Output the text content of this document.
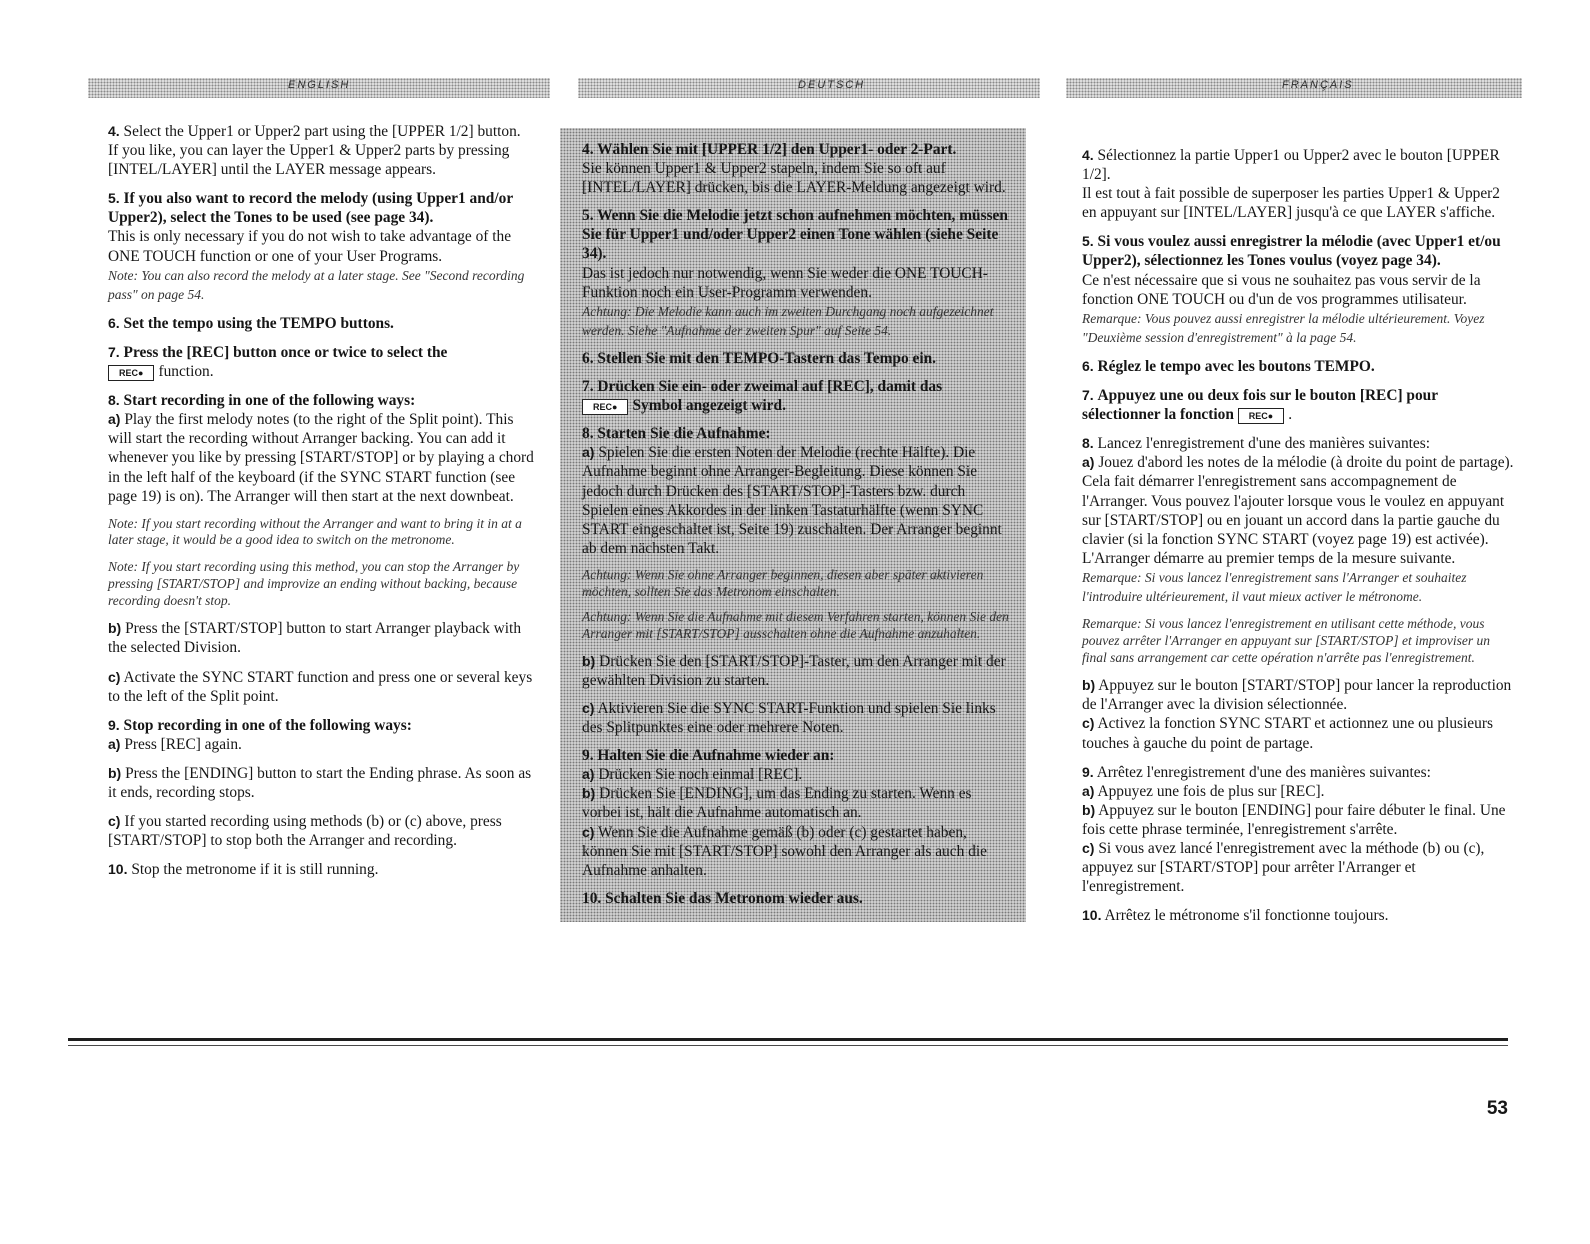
ENGLISH	DEUTSCH	FRANÇAIS

4. Select the Upper1 or Upper2 part using the [UPPER 1/2] button.
If you like, you can layer the Upper1 & Upper2 parts by pressing [INTEL/LAYER] until the LAYER message appears.

5. If you also want to record the melody (using Upper1 and/or Upper2), select the Tones to be used (see page 34).
This is only necessary if you do not wish to take advantage of the ONE TOUCH function or one of your User Programs.
Note: You can also record the melody at a later stage. See "Second recording pass" on page 54.

6. Set the tempo using the TEMPO buttons.

7. Press the [REC] button once or twice to select the
REC● function.

8. Start recording in one of the following ways:
a) Play the first melody notes (to the right of the Split point). This will start the recording without Arranger backing. You can add it whenever you like by pressing [START/STOP] or by playing a chord in the left half of the keyboard (if the SYNC START function (see page 19) is on). The Arranger will then start at the next downbeat.

Note: If you start recording without the Arranger and want to bring it in at a later stage, it would be a good idea to switch on the metronome.

Note: If you start recording using this method, you can stop the Arranger by pressing [START/STOP] and improvize an ending without backing, because recording doesn't stop.

b) Press the [START/STOP] button to start Arranger playback with the selected Division.

c) Activate the SYNC START function and press one or several keys to the left of the Split point.

9. Stop recording in one of the following ways:
a) Press [REC] again.

b) Press the [ENDING] button to start the Ending phrase. As soon as it ends, recording stops.

c) If you started recording using methods (b) or (c) above, press [START/STOP] to stop both the Arranger and recording.

10. Stop the metronome if it is still running.

4. Wählen Sie mit [UPPER 1/2] den Upper1- oder 2-Part.
Sie können Upper1 & Upper2 stapeln, indem Sie so oft auf [INTEL/LAYER] drücken, bis die LAYER-Meldung angezeigt wird.

5. Wenn Sie die Melodie jetzt schon aufnehmen möchten, müssen Sie für Upper1 und/oder Upper2 einen Tone wählen (siehe Seite 34).
Das ist jedoch nur notwendig, wenn Sie weder die ONE TOUCH-Funktion noch ein User-Programm verwenden.
Achtung: Die Melodie kann auch im zweiten Durchgang noch aufgezeichnet werden. Siehe "Aufnahme der zweiten Spur" auf Seite 54.

6. Stellen Sie mit den TEMPO-Tastern das Tempo ein.

7. Drücken Sie ein- oder zweimal auf [REC], damit das
REC● Symbol angezeigt wird.

8. Starten Sie die Aufnahme:
a) Spielen Sie die ersten Noten der Melodie (rechte Hälfte). Die Aufnahme beginnt ohne Arranger-Begleitung. Diese können Sie jedoch durch Drücken des [START/STOP]-Tasters bzw. durch Spielen eines Akkordes in der linken Tastaturhälfte (wenn SYNC START eingeschaltet ist, Seite 19) zuschalten. Der Arranger beginnt ab dem nächsten Takt.

Achtung: Wenn Sie ohne Arranger beginnen, diesen aber später aktivieren möchten, sollten Sie das Metronom einschalten.

Achtung: Wenn Sie die Aufnahme mit diesem Verfahren starten, können Sie den Arranger mit [START/STOP] ausschalten ohne die Aufnahme anzuhalten.

b) Drücken Sie den [START/STOP]-Taster, um den Arranger mit der gewählten Division zu starten.

c) Aktivieren Sie die SYNC START-Funktion und spielen Sie links des Splitpunktes eine oder mehrere Noten.

9. Halten Sie die Aufnahme wieder an:
a) Drücken Sie noch einmal [REC].
b) Drücken Sie [ENDING], um das Ending zu starten. Wenn es vorbei ist, hält die Aufnahme automatisch an.
c) Wenn Sie die Aufnahme gemäß (b) oder (c) gestartet haben, können Sie mit [START/STOP] sowohl den Arranger als auch die Aufnahme anhalten.

10. Schalten Sie das Metronom wieder aus.

4. Sélectionnez la partie Upper1 ou Upper2 avec le bouton [UPPER 1/2].
Il est tout à fait possible de superposer les parties Upper1 & Upper2 en appuyant sur [INTEL/LAYER] jusqu'à ce que LAYER s'affiche.

5. Si vous voulez aussi enregistrer la mélodie (avec Upper1 et/ou Upper2), sélectionnez les Tones voulus (voyez page 34).
Ce n'est nécessaire que si vous ne souhaitez pas vous servir de la fonction ONE TOUCH ou d'un de vos programmes utilisateur.
Remarque: Vous pouvez aussi enregistrer la mélodie ultérieurement. Voyez "Deuxième session d'enregistrement" à la page 54.

6. Réglez le tempo avec les boutons TEMPO.

7. Appuyez une ou deux fois sur le bouton [REC] pour sélectionner la fonction REC● .

8. Lancez l'enregistrement d'une des manières suivantes:
a) Jouez d'abord les notes de la mélodie (à droite du point de partage). Cela fait démarrer l'enregistrement sans accompagnement de l'Arranger. Vous pouvez l'ajouter lorsque vous le voulez en appuyant sur [START/STOP] ou en jouant un accord dans la partie gauche du clavier (si la fonction SYNC START (voyez page 19) est activée). L'Arranger démarre au premier temps de la mesure suivante.
Remarque: Si vous lancez l'enregistrement sans l'Arranger et souhaitez l'introduire ultérieurement, il vaut mieux activer le métronome.

Remarque: Si vous lancez l'enregistrement en utilisant cette méthode, vous pouvez arrêter l'Arranger en appuyant sur [START/STOP] et improviser un final sans arrangement car cette opération n'arrête pas l'enregistrement.

b) Appuyez sur le bouton [START/STOP] pour lancer la reproduction de l'Arranger avec la division sélectionnée.
c) Activez la fonction SYNC START et actionnez une ou plusieurs touches à gauche du point de partage.

9. Arrêtez l'enregistrement d'une des manières suivantes:
a) Appuyez une fois de plus sur [REC].
b) Appuyez sur le bouton [ENDING] pour faire débuter le final. Une fois cette phrase terminée, l'enregistrement s'arrête.
c) Si vous avez lancé l'enregistrement avec la méthode (b) ou (c), appuyez sur [START/STOP] pour arrêter l'Arranger et l'enregistrement.

10. Arrêtez le métronome s'il fonctionne toujours.

53
